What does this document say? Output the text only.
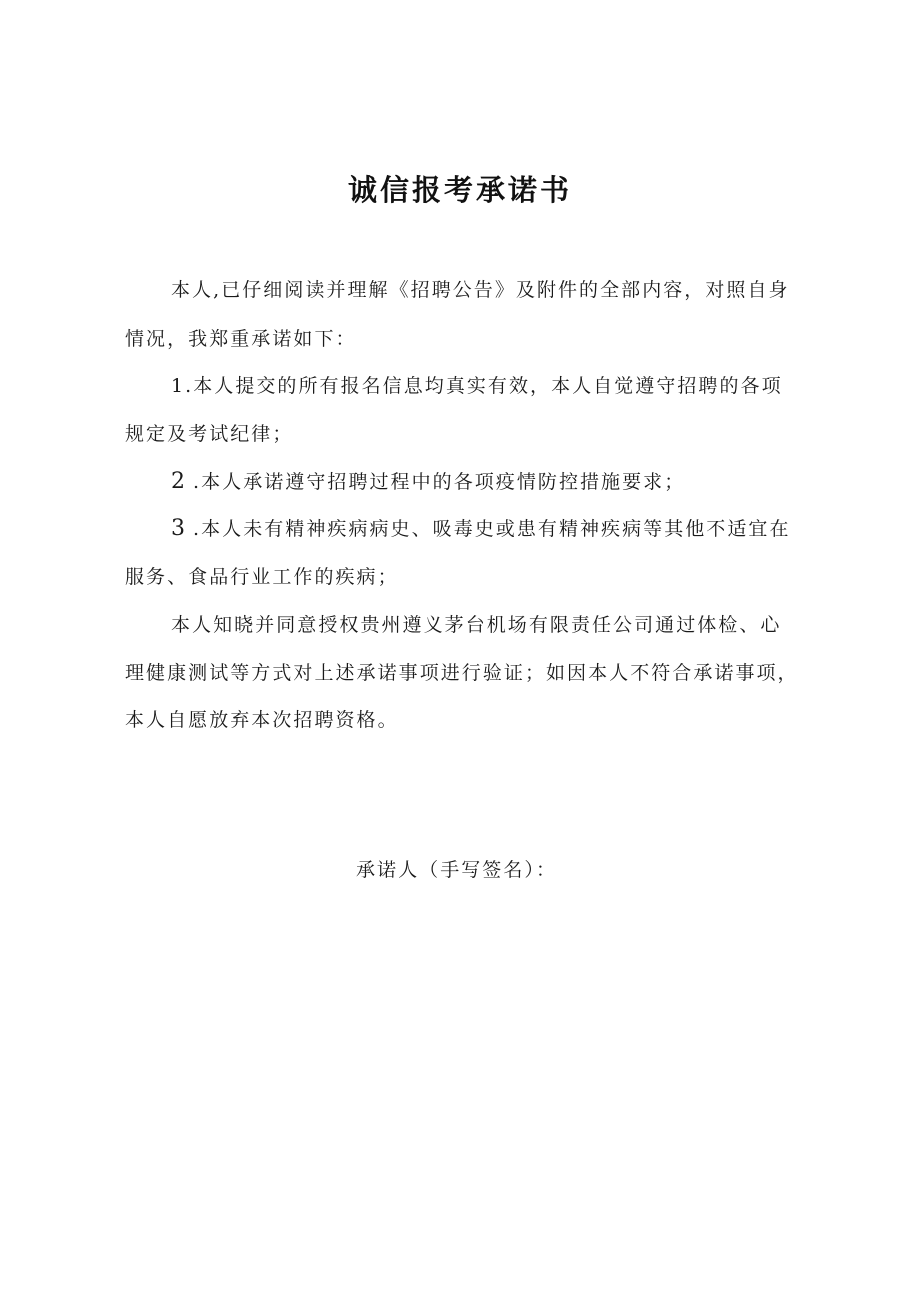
诚信报考承诺书
本人,已仔细阅读并理解《招聘公告》及附件的全部内容，对照自身
情况，我郑重承诺如下：
1.本人提交的所有报名信息均真实有效，本人自觉遵守招聘的各项
规定及考试纪律；
2 .本人承诺遵守招聘过程中的各项疫情防控措施要求；
3 .本人未有精神疾病病史、吸毒史或患有精神疾病等其他不适宜在
服务、食品行业工作的疾病；
本人知晓并同意授权贵州遵义茅台机场有限责任公司通过体检、心
理健康测试等方式对上述承诺事项进行验证；如因本人不符合承诺事项，
本人自愿放弃本次招聘资格。
承诺人（手写签名）：
